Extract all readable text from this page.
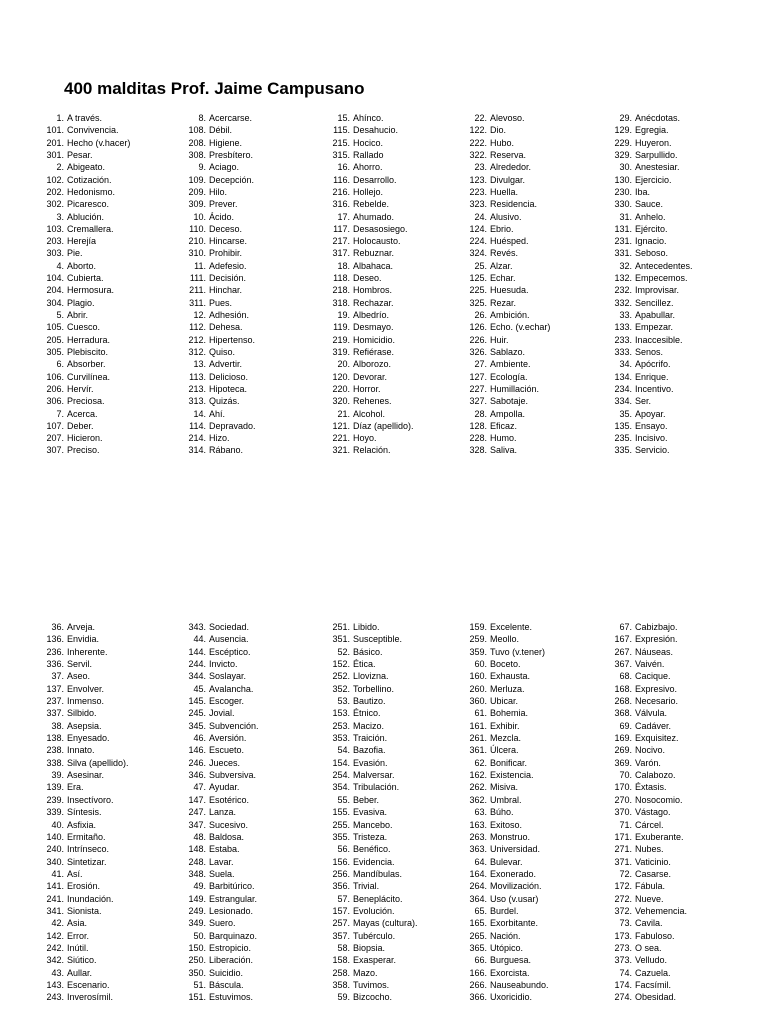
400 malditas Prof. Jaime Campusano
1. A través.
101. Convivencia.
201. Hecho (v.hacer)
301. Pesar.
2. Abigeato.
102. Cotización.
202. Hedonismo.
302. Picaresco.
3. Ablución.
103. Cremallera.
203. Herejía
303. Pie.
4. Aborto.
104. Cubierta.
204. Hermosura.
304. Plagio.
5. Abrir.
105. Cuesco.
205. Herradura.
305. Plebiscito.
6. Absorber.
106. Curvilínea.
206. Hervír.
306. Preciosa.
7. Acerca.
107. Deber.
207. Hicieron.
307. Preciso.
8. Acercarse.
108. Débil.
208. Higiene.
308. Presbítero.
9. Aciago.
109. Decepción.
209. Hilo.
309. Prever.
10. Ácido.
110. Deceso.
210. Hincarse.
310. Prohibir.
11. Adefesio.
111. Decisión.
211. Hinchar.
311. Pues.
12. Adhesión.
112. Dehesa.
212. Hipertenso.
312. Quiso.
13. Advertir.
113. Delicioso.
213. Hipoteca.
313. Quizás.
14. Ahí.
114. Depravado.
214. Hizo.
314. Rábano.
15. Ahínco.
115. Desahucio.
215. Hocico.
315. Rallado
16. Ahorro.
116. Desarrollo.
216. Hollejo.
316. Rebelde.
17. Ahumado.
117. Desasosiego.
217. Holocausto.
317. Rebuznar.
18. Albahaca.
118. Deseo.
218. Hombros.
318. Rechazar.
19. Albedrío.
119. Desmayo.
219. Homicidio.
319. Refiérase.
20. Alborozo.
120. Devorar.
220. Horror.
320. Rehenes.
21. Alcohol.
121. Díaz (apellido).
221. Hoyo.
321. Relación.
22. Alevoso.
122. Dio.
222. Hubo.
322. Reserva.
23. Alrededor.
123. Divulgar.
223. Huella.
323. Residencia.
24. Alusivo.
124. Ebrio.
224. Huésped.
324. Revés.
25. Alzar.
125. Echar.
225. Huesuda.
325. Rezar.
26. Ambición.
126. Echo. (v.echar)
226. Huir.
326. Sablazo.
27. Ambiente.
127. Ecología.
227. Humillación.
327. Sabotaje.
28. Ampolla.
128. Eficaz.
228. Humo.
328. Saliva.
29. Anécdotas.
129. Egregia.
229. Huyeron.
329. Sarpullido.
30. Anestesiar.
130. Ejercicio.
230. Iba.
330. Sauce.
31. Anhelo.
131. Ejército.
231. Ignacio.
331. Seboso.
32. Antecedentes.
132. Empecemos.
232. Improvisar.
332. Sencillez.
33. Apabullar.
133. Empezar.
233. Inaccesible.
333. Senos.
34. Apócrifo.
134. Enrique.
234. Incentivo.
334. Ser.
35. Apoyar.
135. Ensayo.
235. Incisivo.
335. Servicio.
36. Arveja.
136. Envidia.
236. Inherente.
336. Servil.
37. Aseo.
137. Envolver.
237. Inmenso.
337. Silbido.
38. Asepsia.
138. Enyesado.
238. Innato.
338. Silva (apellido).
39. Asesinar.
139. Era.
239. Insectívoro.
339. Síntesis.
40. Asfixia.
140. Ermitaño.
240. Intrínseco.
340. Sintetizar.
41. Así.
141. Erosión.
241. Inundación.
341. Sionista.
42. Asia.
142. Error.
242. Inútil.
342. Siútico.
43. Aullar.
143. Escenario.
243. Inverosímil.
343. Sociedad.
44. Ausencia.
144. Escéptico.
244. Invicto.
344. Soslayar.
45. Avalancha.
145. Escoger.
245. Jovial.
345. Subvención.
46. Aversión.
146. Escueto.
246. Jueces.
346. Subversiva.
47. Ayudar.
147. Esotérico.
247. Lanza.
347. Sucesivo.
48. Baldosa.
148. Estaba.
248. Lavar.
348. Suela.
49. Barbitúrico.
149. Estrangular.
249. Lesionado.
349. Suero.
50. Barquinazo.
150. Estropicio.
250. Liberación.
350. Suicidio.
51. Báscula.
151. Estuvimos.
251. Libido.
351. Susceptible.
52. Básico.
152. Ética.
252. Llovizna.
352. Torbellino.
53. Bautizo.
153. Étnico.
253. Macizo.
353. Traición.
54. Bazofia.
154. Evasión.
254. Malversar.
354. Tribulación.
55. Beber.
155. Evasiva.
255. Mancebo.
355. Tristeza.
56. Benéfico.
156. Evidencia.
256. Mandíbulas.
356. Trivial.
57. Beneplácito.
157. Evolución.
257. Mayas (cultura).
357. Tubérculo.
58. Biopsia.
158. Exasperar.
258. Mazo.
358. Tuvimos.
59. Bizcocho.
159. Excelente.
259. Meollo.
359. Tuvo (v.tener)
60. Boceto.
160. Exhausta.
260. Merluza.
360. Ubicar.
61. Bohemia.
161. Exhibir.
261. Mezcla.
361. Úlcera.
62. Bonificar.
162. Existencia.
262. Misiva.
362. Umbral.
63. Búho.
163. Exitoso.
263. Monstruo.
363. Universidad.
64. Bulevar.
164. Exonerado.
264. Movilización.
364. Uso (v.usar)
65. Burdel.
165. Exorbitante.
265. Nación.
365. Utópico.
66. Burguesa.
166. Exorcista.
266. Nauseabundo.
366. Uxoricidio.
67. Cabizbajo.
167. Expresión.
267. Náuseas.
367. Vaivén.
68. Cacique.
168. Expresivo.
268. Necesario.
368. Válvula.
69. Cadáver.
169. Exquisitez.
269. Nocivo.
369. Varón.
70. Calabozo.
170. Éxtasis.
270. Nosocomio.
370. Vástago.
71. Cárcel.
171. Exuberante.
271. Nubes.
371. Vaticinio.
72. Casarse.
172. Fábula.
272. Nueve.
372. Vehemencia.
73. Cavila.
173. Fabuloso.
273. O sea.
373. Velludo.
74. Cazuela.
174. Facsímil.
274. Obesidad.
